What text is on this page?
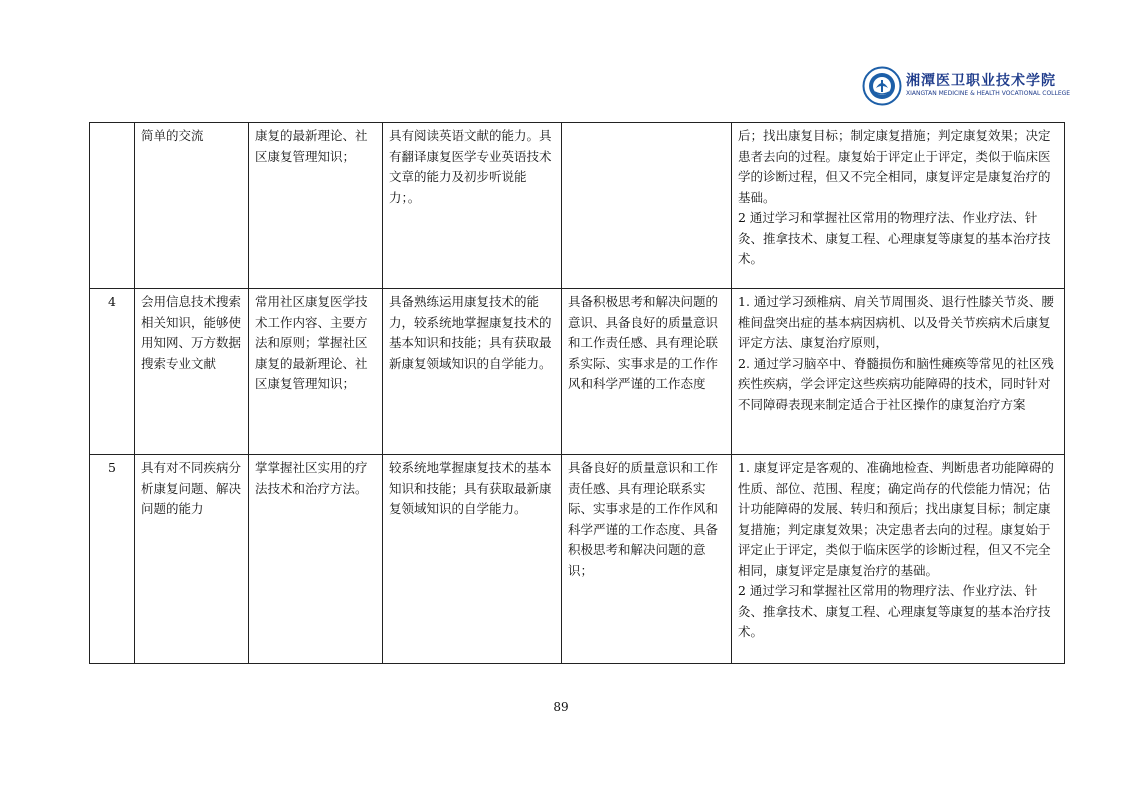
湘潭医卫职业技术学院
XIANGTAN MEDICINE & HEALTH VOCATIONAL COLLEGE
	简单的交流	康复的最新理论、社区康复管理知识；	具有阅读英语文献的能力。具有翻译康复医学专业英语技术文章的能力及初步听说能力；。		后；找出康复目标；制定康复措施；判定康复效果；决定患者去向的过程。康复始于评定止于评定，类似于临床医学的诊断过程，但又不完全相同，康复评定是康复治疗的基础。
2 通过学习和掌握社区常用的物理疗法、作业疗法、针灸、推拿技术、康复工程、心理康复等康复的基本治疗技术。

4	会用信息技术搜索相关知识，能够使用知网、万方数据搜索专业文献	常用社区康复医学技术工作内容、主要方法和原则；掌握社区康复的最新理论、社区康复管理知识；	具备熟练运用康复技术的能力，较系统地掌握康复技术的基本知识和技能；具有获取最新康复领域知识的自学能力。	具备积极思考和解决问题的意识、具备良好的质量意识和工作责任感、具有理论联系实际、实事求是的工作作风和科学严谨的工作态度	1. 通过学习颈椎病、肩关节周围炎、退行性膝关节炎、腰椎间盘突出症的基本病因病机、以及骨关节疾病术后康复评定方法、康复治疗原则，
2. 通过学习脑卒中、脊髓损伤和脑性瘫痪等常见的社区残疾性疾病，学会评定这些疾病功能障碍的技术，同时针对不同障碍表现来制定适合于社区操作的康复治疗方案

5	具有对不同疾病分析康复问题、解决问题的能力	掌掌握社区实用的疗法技术和治疗方法。	较系统地掌握康复技术的基本知识和技能；具有获取最新康复领域知识的自学能力。	具备良好的质量意识和工作责任感、具有理论联系实际、实事求是的工作作风和科学严谨的工作态度、具备积极思考和解决问题的意识；	1. 康复评定是客观的、准确地检查、判断患者功能障碍的性质、部位、范围、程度；确定尚存的代偿能力情况；估计功能障碍的发展、转归和预后；找出康复目标；制定康复措施；判定康复效果；决定患者去向的过程。康复始于评定止于评定，类似于临床医学的诊断过程，但又不完全相同，康复评定是康复治疗的基础。
2 通过学习和掌握社区常用的物理疗法、作业疗法、针灸、推拿技术、康复工程、心理康复等康复的基本治疗技术。
89
